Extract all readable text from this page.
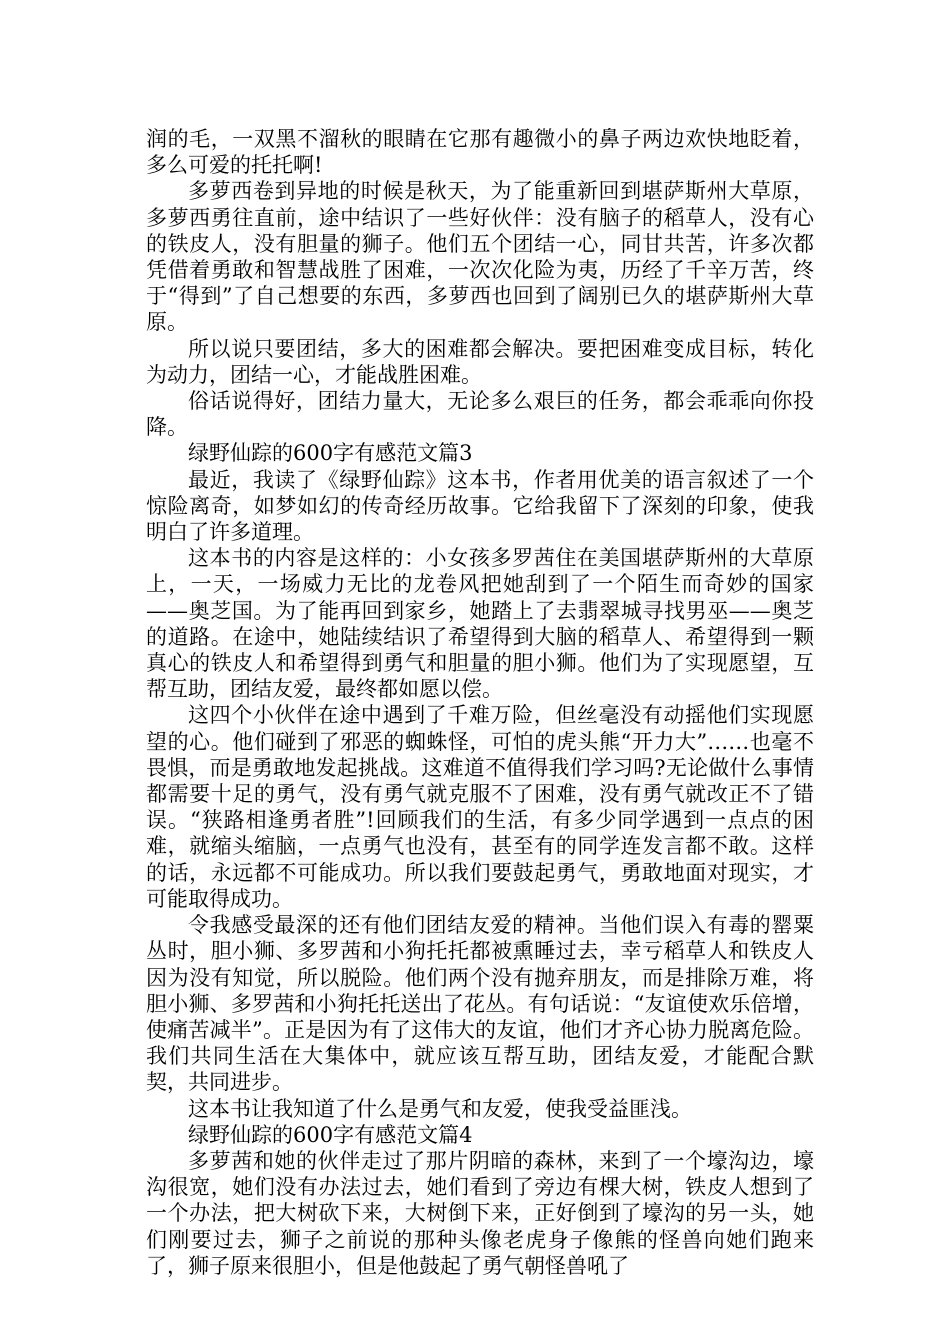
润的毛，一双黑不溜秋的眼睛在它那有趣微小的鼻子两边欢快地眨着，多么可爱的托托啊!

多萝西卷到异地的时候是秋天，为了能重新回到堪萨斯州大草原，多萝西勇往直前，途中结识了一些好伙伴：没有脑子的稻草人，没有心的铁皮人，没有胆量的狮子。他们五个团结一心，同甘共苦，许多次都凭借着勇敢和智慧战胜了困难，一次次化险为夷，历经了千辛万苦，终于“得到”了自己想要的东西，多萝西也回到了阔别已久的堪萨斯州大草原。

所以说只要团结，多大的困难都会解决。要把困难变成目标，转化为动力，团结一心，才能战胜困难。

俗话说得好，团结力量大，无论多么艰巨的任务，都会乖乖向你投降。

绿野仙踪的600字有感范文篇3

最近，我读了《绿野仙踪》这本书，作者用优美的语言叙述了一个惊险离奇，如梦如幻的传奇经历故事。它给我留下了深刻的印象，使我明白了许多道理。

这本书的内容是这样的：小女孩多罗茜住在美国堪萨斯州的大草原上，一天，一场威力无比的龙卷风把她刮到了一个陌生而奇妙的国家——奥芝国。为了能再回到家乡，她踏上了去翡翠城寻找男巫——奥芝的道路。在途中，她陆续结识了希望得到大脑的稻草人、希望得到一颗真心的铁皮人和希望得到勇气和胆量的胆小狮。他们为了实现愿望，互帮互助，团结友爱，最终都如愿以偿。

这四个小伙伴在途中遇到了千难万险，但丝毫没有动摇他们实现愿望的心。他们碰到了邪恶的蜘蛛怪，可怕的虎头熊“开力大”……也毫不畏惧，而是勇敢地发起挑战。这难道不值得我们学习吗?无论做什么事情都需要十足的勇气，没有勇气就克服不了困难，没有勇气就改正不了错误。“狭路相逢勇者胜”!回顾我们的生活，有多少同学遇到一点点的困难，就缩头缩脑，一点勇气也没有，甚至有的同学连发言都不敢。这样的话，永远都不可能成功。所以我们要鼓起勇气，勇敢地面对现实，才可能取得成功。

令我感受最深的还有他们团结友爱的精神。当他们误入有毒的罂粟丛时，胆小狮、多罗茜和小狗托托都被熏睡过去，幸亏稻草人和铁皮人因为没有知觉，所以脱险。他们两个没有抛弃朋友，而是排除万难，将胆小狮、多罗茜和小狗托托送出了花丛。有句话说：“友谊使欢乐倍增，使痛苦减半”。正是因为有了这伟大的友谊，他们才齐心协力脱离危险。我们共同生活在大集体中，就应该互帮互助，团结友爱，才能配合默契，共同进步。

这本书让我知道了什么是勇气和友爱，使我受益匪浅。

绿野仙踪的600字有感范文篇4

多萝茜和她的伙伴走过了那片阴暗的森林，来到了一个壕沟边，壕沟很宽，她们没有办法过去，她们看到了旁边有棵大树，铁皮人想到了一个办法，把大树砍下来，大树倒下来，正好倒到了壕沟的另一头，她们刚要过去，狮子之前说的那种头像老虎身子像熊的怪兽向她们跑来了，狮子原来很胆小，但是他鼓起了勇气朝怪兽吼了
